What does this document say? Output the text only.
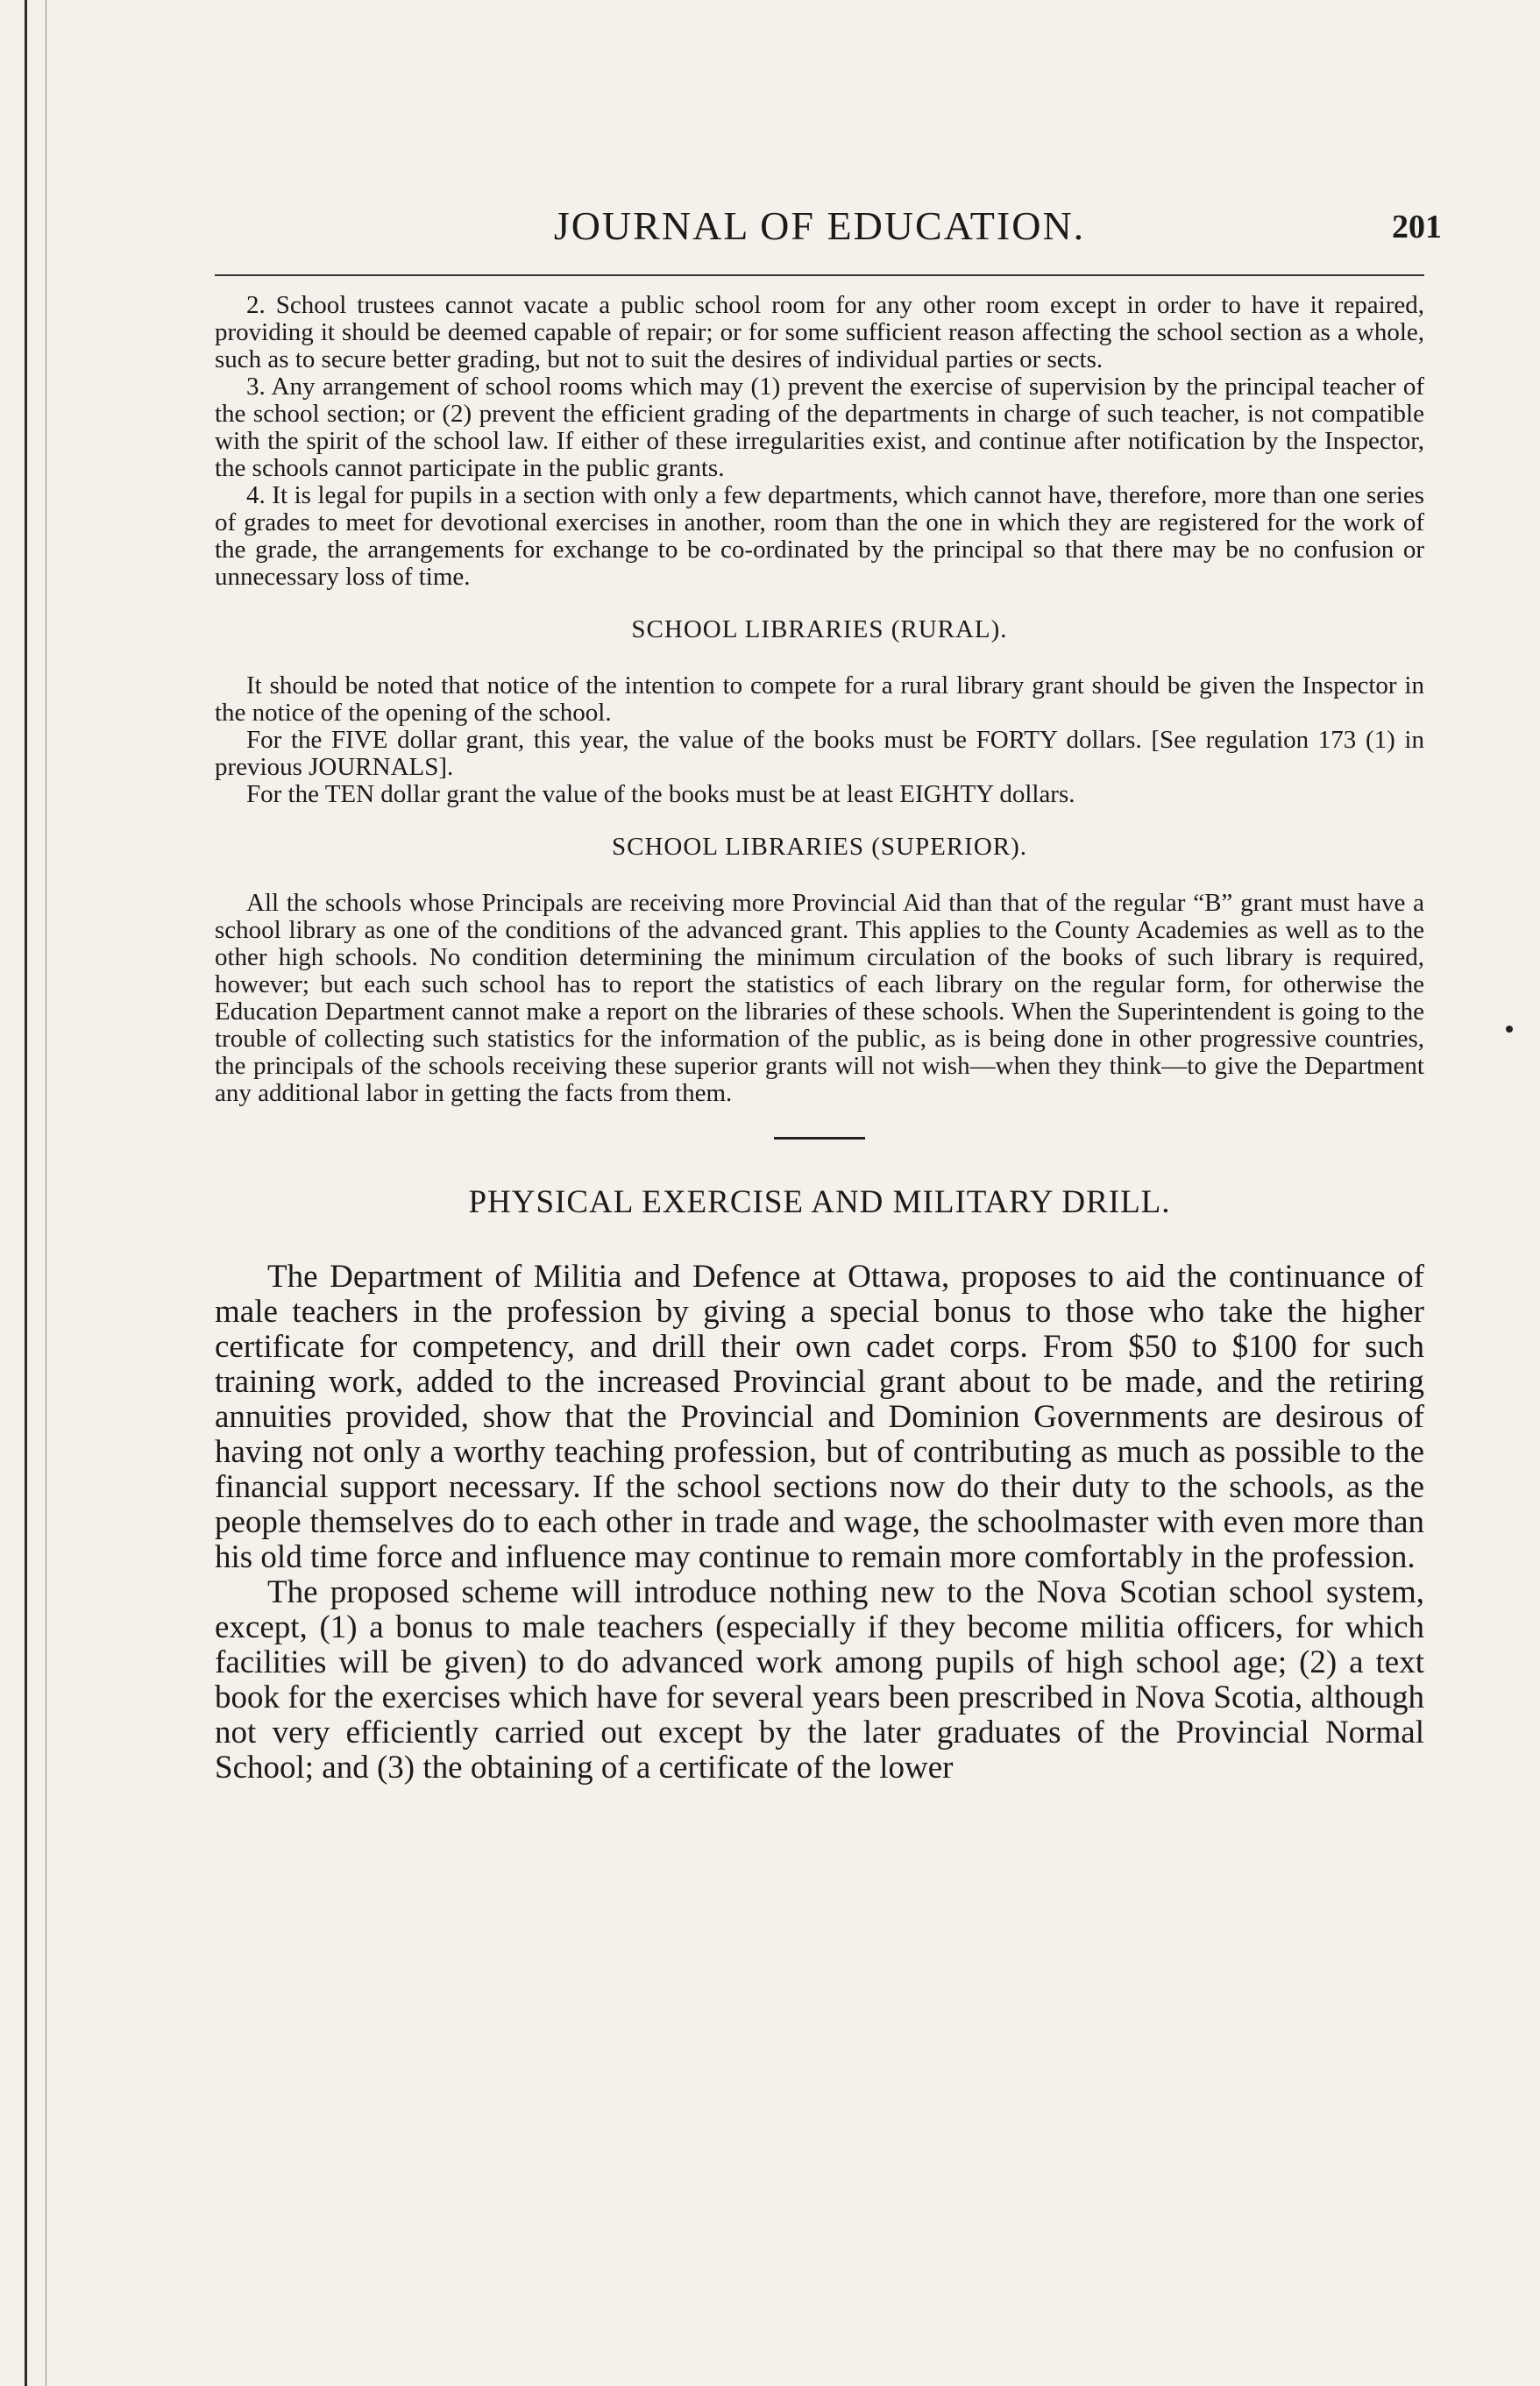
JOURNAL OF EDUCATION.	201

2. School trustees cannot vacate a public school room for any other room except in order to have it repaired, providing it should be deemed capable of repair; or for some sufficient reason affecting the school section as a whole, such as to secure better grading, but not to suit the desires of individual parties or sects.

3. Any arrangement of school rooms which may (1) prevent the exercise of supervision by the principal teacher of the school section; or (2) prevent the efficient grading of the departments in charge of such teacher, is not compatible with the spirit of the school law. If either of these irregularities exist, and continue after notification by the Inspector, the schools cannot participate in the public grants.

4. It is legal for pupils in a section with only a few departments, which cannot have, therefore, more than one series of grades to meet for devotional exercises in another, room than the one in which they are registered for the work of the grade, the arrangements for exchange to be co-ordinated by the principal so that there may be no confusion or unnecessary loss of time.

SCHOOL LIBRARIES (RURAL).

It should be noted that notice of the intention to compete for a rural library grant should be given the Inspector in the notice of the opening of the school.

For the FIVE dollar grant, this year, the value of the books must be FORTY dollars. [See regulation 173 (1) in previous JOURNALS].

For the TEN dollar grant the value of the books must be at least EIGHTY dollars.

SCHOOL LIBRARIES (SUPERIOR).

All the schools whose Principals are receiving more Provincial Aid than that of the regular “B” grant must have a school library as one of the conditions of the advanced grant. This applies to the County Academies as well as to the other high schools. No condition determining the minimum circulation of the books of such library is required, however; but each such school has to report the statistics of each library on the regular form, for otherwise the Education Department cannot make a report on the libraries of these schools. When the Superintendent is going to the trouble of collecting such statistics for the information of the public, as is being done in other progressive countries, the principals of the schools receiving these superior grants will not wish—when they think—to give the Department any additional labor in getting the facts from them.

PHYSICAL EXERCISE AND MILITARY DRILL.

The Department of Militia and Defence at Ottawa, proposes to aid the continuance of male teachers in the profession by giving a special bonus to those who take the higher certificate for competency, and drill their own cadet corps. From $50 to $100 for such training work, added to the increased Provincial grant about to be made, and the retiring annuities provided, show that the Provincial and Dominion Governments are desirous of having not only a worthy teaching profession, but of contributing as much as possible to the financial support necessary. If the school sections now do their duty to the schools, as the people themselves do to each other in trade and wage, the schoolmaster with even more than his old time force and influence may continue to remain more comfortably in the profession.

The proposed scheme will introduce nothing new to the Nova Scotian school system, except, (1) a bonus to male teachers (especially if they become militia officers, for which facilities will be given) to do advanced work among pupils of high school age; (2) a text book for the exercises which have for several years been prescribed in Nova Scotia, although not very efficiently carried out except by the later graduates of the Provincial Normal School; and (3) the obtaining of a certificate of the lower
